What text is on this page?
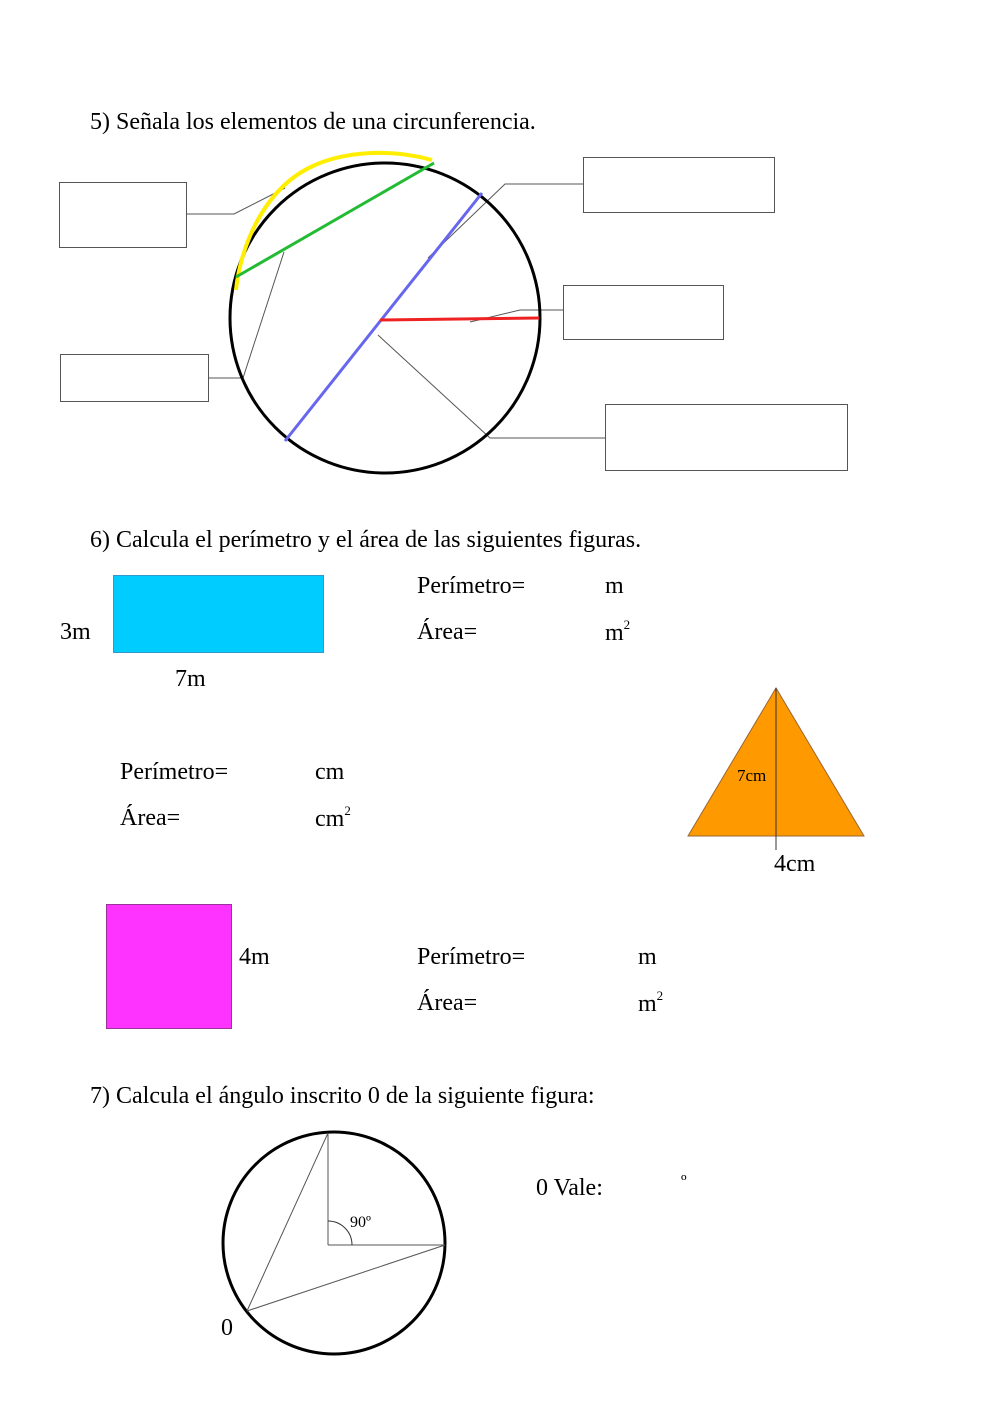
5) Señala los elementos de una circunferencia.
6) Calcula el perímetro y el área de las siguientes figuras.
3m
7m
Perímetro=	m
Área=	$m^2$
Perímetro=	cm
Área=	$cm^2$
7cm
4cm
4m	Perímetro=	m
Área=	$m^2$
7) Calcula el ángulo inscrito 0 de la siguiente figura:
90º
0
0 Vale:	º
